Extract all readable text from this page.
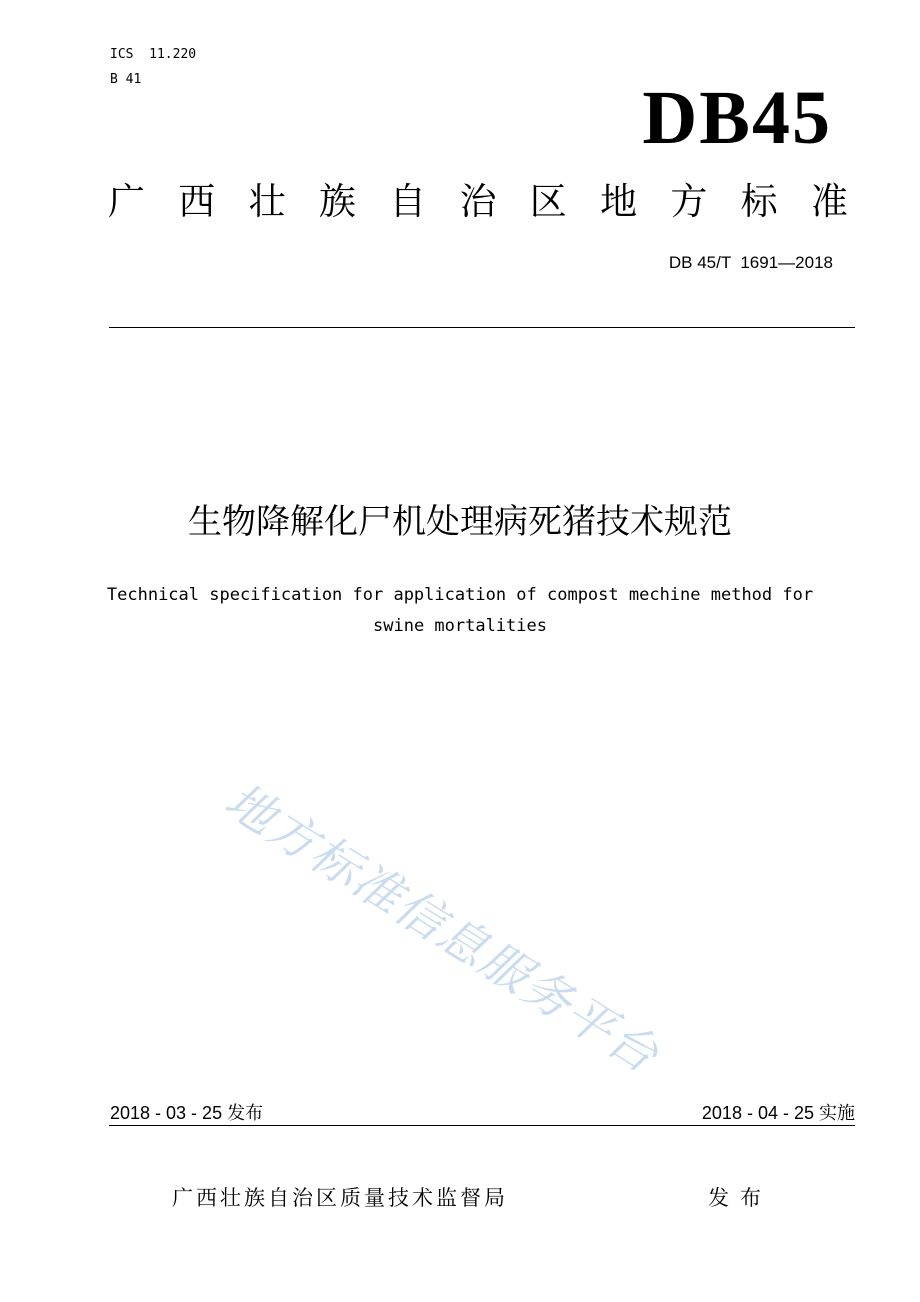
ICS  11.220
B 41	DB45
广 西 壮 族 自 治 区 地 方 标 准
DB 45/T  1691—2018
生物降解化尸机处理病死猪技术规范
Technical specification for application of compost mechine method for
swine mortalities
地方标准信息服务平台
2018 - 03 - 25 发布	2018 - 04 - 25 实施
广西壮族自治区质量技术监督局	发布
